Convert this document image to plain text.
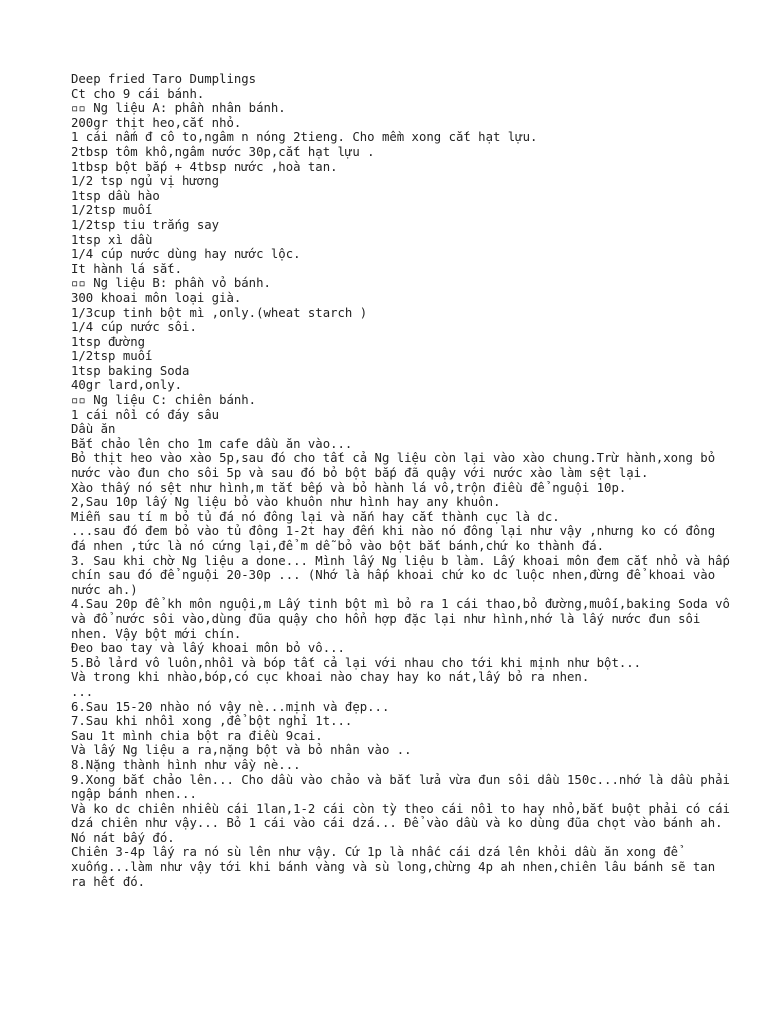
Deep fried Taro Dumplings

Ct cho 9 cái bánh.

▫▫ Ng liệu A: phần nhân bánh.

200gr thịt heo,cắt nhỏ.

1 cái nấm đ cô to,ngâm n nóng 2tieng. Cho mềm xong cắt hạt lựu.

2tbsp tôm khô,ngâm nước 30p,cắt hạt lựu .

1tbsp bột bắp + 4tbsp nước ,hoà tan.

1/2 tsp ngủ vị hương

1tsp dầu hào

1/2tsp muối

1/2tsp tiu trắng say

1tsp xì dầu

1/4 cúp nước dùng hay nước lộc.

It hành lá sắt.

▫▫ Ng liệu B: phần vỏ bánh.

300 khoai môn loại già.

1/3cup tinh bột mì ,only.(wheat starch )

1/4 cúp nước sôi.

1tsp đường

1/2tsp muối

1tsp baking Soda

40gr lard,only.

▫▫ Ng liệu C: chiên bánh.

1 cái nồi có đáy sâu

Dầu ăn

Bắt chảo lên cho 1m cafe dầu ăn vào...

Bỏ thịt heo vào xào 5p,sau đó cho tất cả Ng liệu còn lại vào xào chung.Trừ hành,xong bỏ nước vào đun cho sôi 5p và sau đó bỏ bột bắp đã quậy với nước xào làm sệt lại.

Xào thấy nó sệt như hình,m tắt bếp và bỏ hành lá vô,trộn điều để nguội 10p.

2,Sau 10p lấy Ng liệu bỏ vào khuôn như hình hay any khuôn.

Miễn sau tí m bỏ tủ đá nó đông lại và nắn hay cắt thành cục là dc.

...sau đó đem bỏ vào tủ đông 1-2t hay đến khi nào nó đông lại như vậy ,nhưng ko có đông đá nhen ,tức là nó cứng lại,để m dễ bỏ vào bột bắt bánh,chứ ko thành đá.

3. Sau khi chờ Ng liệu a done... Mình lấy Ng liệu b làm. Lấy khoai môn đem cắt nhỏ và hấp chín sau đó để nguội 20-30p ... (Nhớ là hấp khoai chứ ko dc luộc nhen,đừng để khoai vào nước ah.)

4.Sau 20p để kh môn nguội,m Lấy tinh bột mì bỏ ra 1 cái thao,bỏ đường,muối,baking Soda vô và đổ nước sôi vào,dùng đũa quậy cho hổn hợp đặc lại như hình,nhớ là lấy nước đun sôi nhen. Vậy bột mới chín.

Đeo bao tay và lấy khoai môn bỏ vô...

5.Bỏ lảrd vô luôn,nhồi và bóp tất cả lại với nhau cho tới khi mịnh như bột...

Và trong khi nhào,bóp,có cục khoai nào chay hay ko nát,lấy bỏ ra nhen.

...

6.Sau 15-20 nhào nó vậy nè...mịnh và đẹp...

7.Sau khi nhồi xong ,để bột nghỉ 1t...

Sau 1t mình chia bột ra điều 9cai.

Và lấy Ng liệu a ra,nặng bột và bỏ nhân vào ..

8.Nặng thành hình như vầy nè...

9.Xong bắt chảo lên... Cho dầu vào chảo và bắt lửa vừa đun sôi dầu 150c...nhớ là dầu phải ngập bánh nhen...

Và ko dc chiên nhiều cái 1lan,1-2 cái còn tỳ theo cái nồi to hay nhỏ,bắt buột phải có cái dzá chiên như vậy... Bỏ 1 cái vào cái dzá... Để vào dầu và ko dùng đũa chọt vào bánh ah. Nó nát bấy đó.

Chiên 3-4p lấy ra nó sù lên như vậy. Cứ 1p là nhấc cái dzá lên khỏi dầu ăn xong để xuống...làm như vậy tới khi bánh vàng và sù long,chừng 4p ah nhen,chiên lâu bánh sẽ tan ra hết đó.
